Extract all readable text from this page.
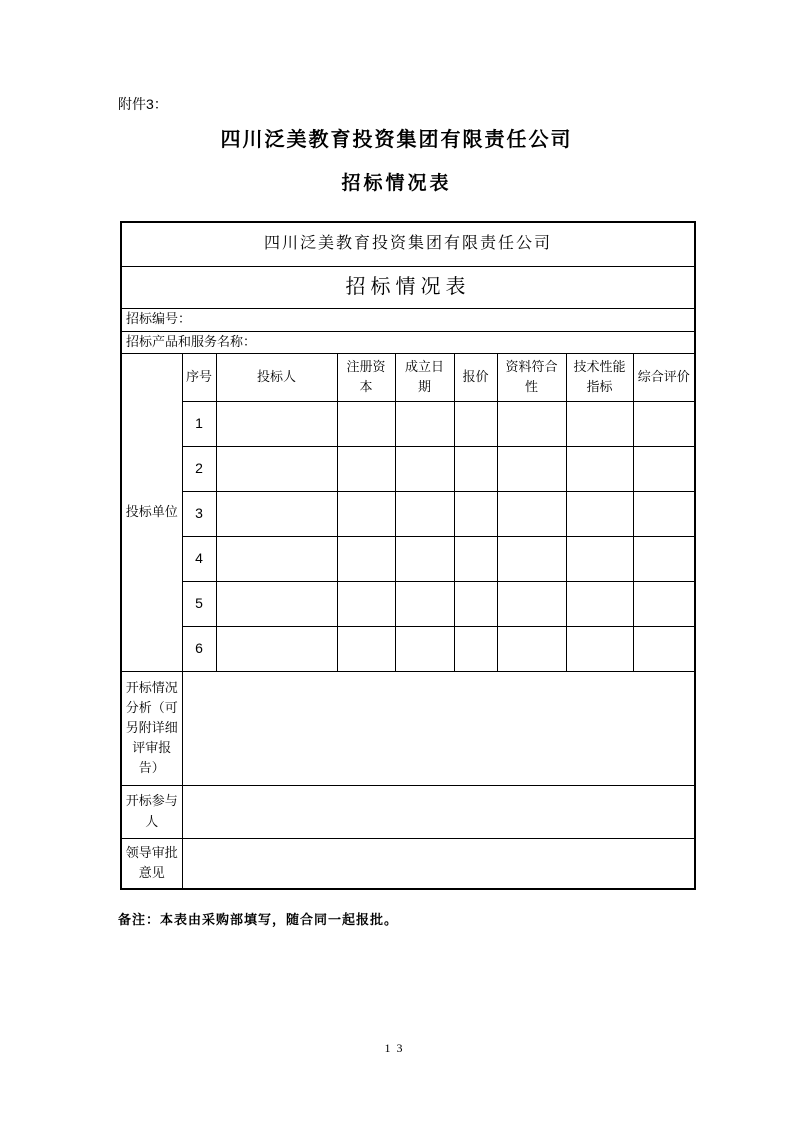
附件3：
四川泛美教育投资集团有限责任公司
招标情况表
四川泛美教育投资集团有限责任公司								
招标情况表								
招标编号：								
招标产品和服务名称：								
投标单位	序号	投标人	注册资本	成立日期	报价	资料符合性	技术性能指标	综合评价
	1							
	2							
	3							
	4							
	5							
	6							
开标情况分析（可另附详细评审报告）								
开标参与人								
领导审批意见								
备注：本表由采购部填写，随合同一起报批。
13
